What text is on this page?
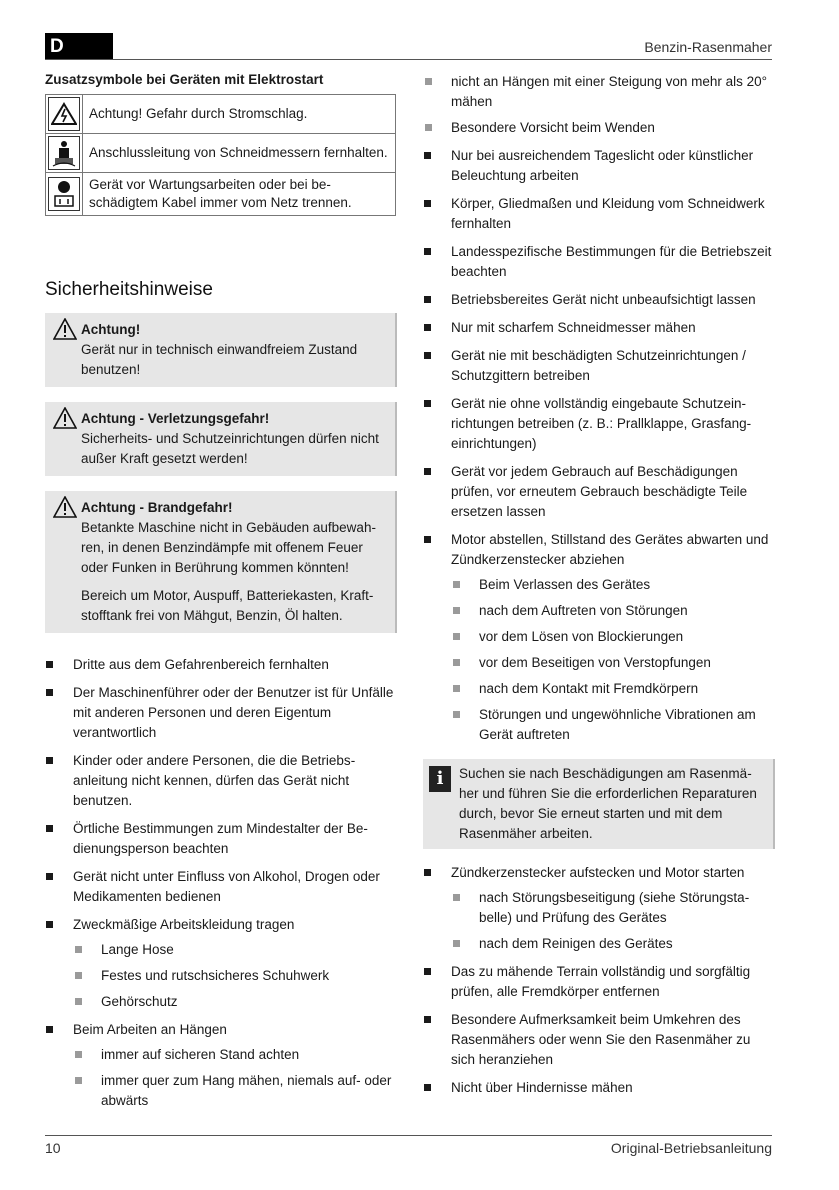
D	Benzin-Rasenmaher
Zusatzsymbole bei Geräten mit Elektrostart
	Achtung! Gefahr durch Stromschlag.

	Anschlussleitung von Schneidmessern fernhalten.

	Gerät vor Wartungsarbeiten oder bei beschädigtem Kabel immer vom Netz trennen.
Sicherheitshinweise
Achtung!

Gerät nur in technisch einwandfreiem Zustand benutzen!

Achtung - Verletzungsgefahr!

Sicherheits- und Schutzeinrichtungen dürfen nicht außer Kraft gesetzt werden!

Achtung - Brandgefahr!

Betankte Maschine nicht in Gebäuden aufbewahren, in denen Benzindämpfe mit offenem Feuer oder Funken in Berührung kommen könnten!

Bereich um Motor, Auspuff, Batteriekasten, Kraftstofftank frei von Mähgut, Benzin, Öl halten.

Dritte aus dem Gefahrenbereich fernhalten
Der Maschinenführer oder der Benutzer ist für Unfälle mit anderen Personen und deren Eigentum verantwortlich
Kinder oder andere Personen, die die Betriebsanleitung nicht kennen, dürfen das Gerät nicht benutzen.
Örtliche Bestimmungen zum Mindestalter der Bedienungsperson beachten
Gerät nicht unter Einfluss von Alkohol, Drogen oder Medikamenten bedienen
Zweckmäßige Arbeitskleidung tragen
Lange Hose
Festes und rutschsicheres Schuhwerk
Gehörschutz
Beim Arbeiten an Hängen
immer auf sicheren Stand achten
immer quer zum Hang mähen, niemals auf- oder abwärts
nicht an Hängen mit einer Steigung von mehr als 20° mähen
Besondere Vorsicht beim Wenden
Nur bei ausreichendem Tageslicht oder künstlicher Beleuchtung arbeiten
Körper, Gliedmaßen und Kleidung vom Schneidwerk fernhalten
Landesspezifische Bestimmungen für die Betriebszeit beachten
Betriebsbereites Gerät nicht unbeaufsichtigt lassen
Nur mit scharfem Schneidmesser mähen
Gerät nie mit beschädigten Schutzeinrichtungen / Schutzgittern betreiben
Gerät nie ohne vollständig eingebaute Schutzeinrichtungen betreiben (z. B.: Prallklappe, Grasfangeinrichtungen)
Gerät vor jedem Gebrauch auf Beschädigungen prüfen, vor erneutem Gebrauch beschädigte Teile ersetzen lassen
Motor abstellen, Stillstand des Gerätes abwarten und Zündkerzenstecker abziehen
Beim Verlassen des Gerätes
nach dem Auftreten von Störungen
vor dem Lösen von Blockierungen
vor dem Beseitigen von Verstopfungen
nach dem Kontakt mit Fremdkörpern
Störungen und ungewöhnliche Vibrationen am Gerät auftreten
i	Suchen sie nach Beschädigungen am Rasenmäher und führen Sie die erforderlichen Reparaturen durch, bevor Sie erneut starten und mit dem Rasenmäher arbeiten.

Zündkerzenstecker aufstecken und Motor starten
nach Störungsbeseitigung (siehe Störungstabelle) und Prüfung des Gerätes
nach dem Reinigen des Gerätes
Das zu mähende Terrain vollständig und sorgfältig prüfen, alle Fremdkörper entfernen
Besondere Aufmerksamkeit beim Umkehren des Rasenmähers oder wenn Sie den Rasenmäher zu sich heranziehen
Nicht über Hindernisse mähen
10	Original-Betriebsanleitung
